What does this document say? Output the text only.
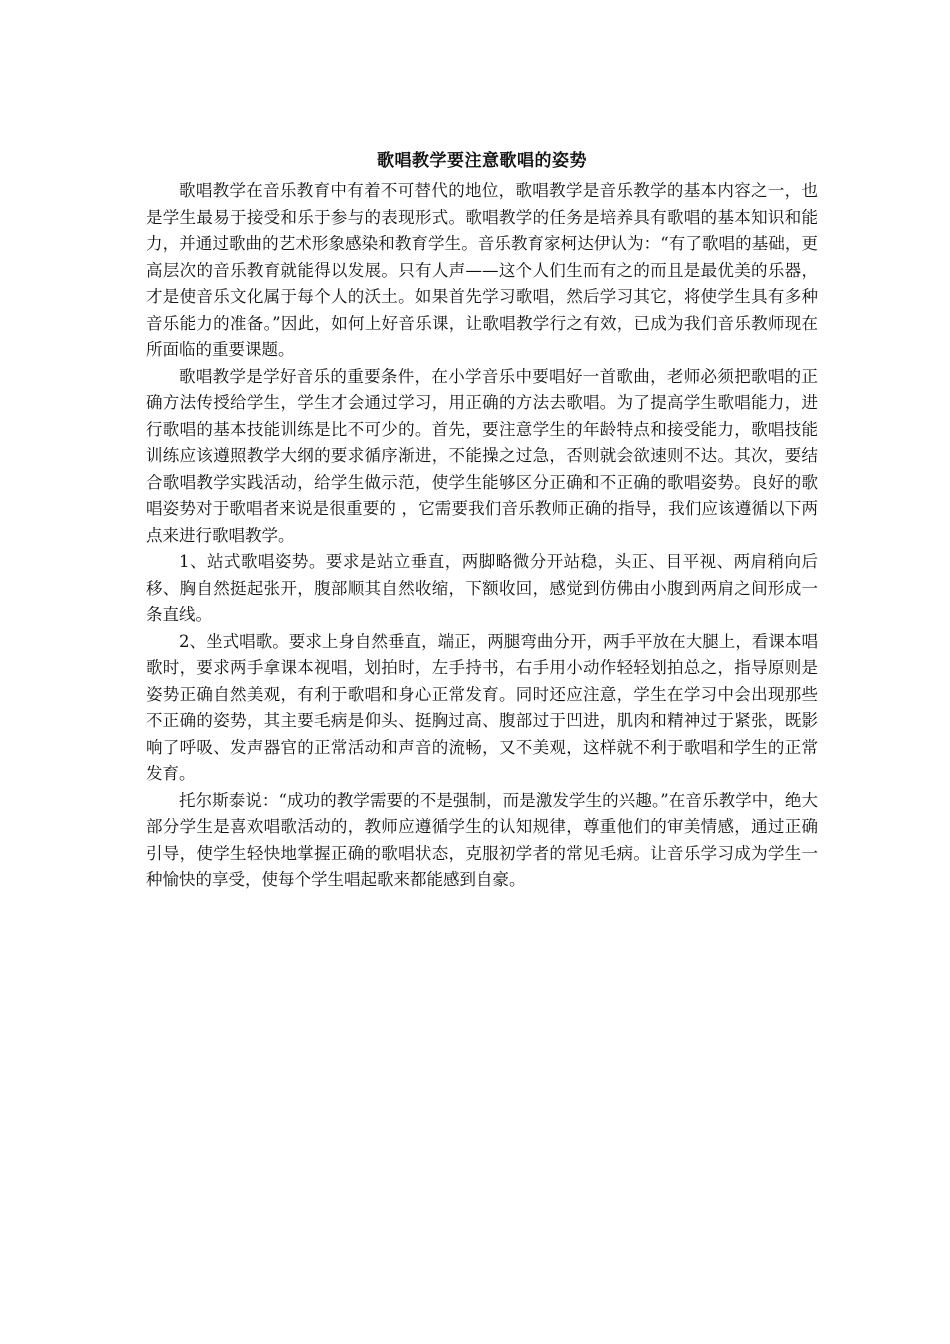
歌唱教学要注意歌唱的姿势

歌唱教学在音乐教育中有着不可替代的地位，歌唱教学是音乐教学的基本内容之一，也是学生最易于接受和乐于参与的表现形式。歌唱教学的任务是培养具有歌唱的基本知识和能力，并通过歌曲的艺术形象感染和教育学生。音乐教育家柯达伊认为：“有了歌唱的基础，更高层次的音乐教育就能得以发展。只有人声——这个人们生而有之的而且是最优美的乐器，才是使音乐文化属于每个人的沃土。如果首先学习歌唱，然后学习其它，将使学生具有多种音乐能力的准备。”因此，如何上好音乐课，让歌唱教学行之有效，已成为我们音乐教师现在所面临的重要课题。

歌唱教学是学好音乐的重要条件，在小学音乐中要唱好一首歌曲，老师必须把歌唱的正确方法传授给学生，学生才会通过学习，用正确的方法去歌唱。为了提高学生歌唱能力，进行歌唱的基本技能训练是比不可少的。首先，要注意学生的年龄特点和接受能力，歌唱技能训练应该遵照教学大纲的要求循序渐进，不能操之过急，否则就会欲速则不达。其次，要结合歌唱教学实践活动，给学生做示范，使学生能够区分正确和不正确的歌唱姿势。良好的歌唱姿势对于歌唱者来说是很重要的 ，它需要我们音乐教师正确的指导，我们应该遵循以下两点来进行歌唱教学。

1、站式歌唱姿势。要求是站立垂直，两脚略微分开站稳，头正、目平视、两肩稍向后移、胸自然挺起张开，腹部顺其自然收缩，下额收回，感觉到仿佛由小腹到两肩之间形成一条直线。

2、坐式唱歌。要求上身自然垂直，端正，两腿弯曲分开，两手平放在大腿上，看课本唱歌时，要求两手拿课本视唱，划拍时，左手持书，右手用小动作轻轻划拍总之，指导原则是姿势正确自然美观，有利于歌唱和身心正常发育。同时还应注意，学生在学习中会出现那些不正确的姿势，其主要毛病是仰头、挺胸过高、腹部过于凹进，肌肉和精神过于紧张，既影响了呼吸、发声器官的正常活动和声音的流畅，又不美观，这样就不利于歌唱和学生的正常发育。

托尔斯泰说：“成功的教学需要的不是强制，而是激发学生的兴趣。”在音乐教学中，绝大部分学生是喜欢唱歌活动的，教师应遵循学生的认知规律，尊重他们的审美情感，通过正确引导，使学生轻快地掌握正确的歌唱状态，克服初学者的常见毛病。让音乐学习成为学生一种愉快的享受，使每个学生唱起歌来都能感到自豪。
